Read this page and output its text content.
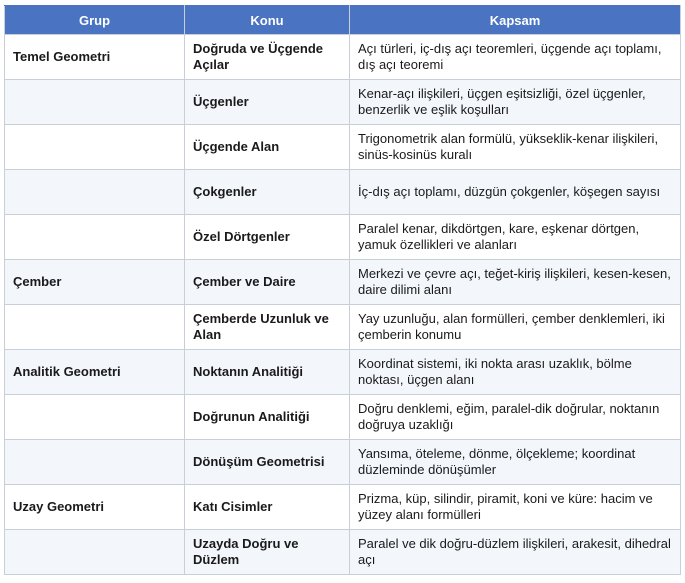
Grup	Konu	Kapsam
Temel Geometri	Doğruda ve Üçgende Açılar	Açı türleri, iç-dış açı teoremleri, üçgende açı toplamı, dış açı teoremi
	Üçgenler	Kenar-açı ilişkileri, üçgen eşitsizliği, özel üçgenler, benzerlik ve eşlik koşulları
	Üçgende Alan	Trigonometrik alan formülü, yükseklik-kenar ilişkileri, sinüs-kosinüs kuralı
	Çokgenler	İç-dış açı toplamı, düzgün çokgenler, köşegen sayısı
	Özel Dörtgenler	Paralel kenar, dikdörtgen, kare, eşkenar dörtgen, yamuk özellikleri ve alanları
Çember	Çember ve Daire	Merkezi ve çevre açı, teğet-kiriş ilişkileri, kesen-kesen, daire dilimi alanı
	Çemberde Uzunluk ve Alan	Yay uzunluğu, alan formülleri, çember denklemleri, iki çemberin konumu
Analitik Geometri	Noktanın Analitiği	Koordinat sistemi, iki nokta arası uzaklık, bölme noktası, üçgen alanı
	Doğrunun Analitiği	Doğru denklemi, eğim, paralel-dik doğrular, noktanın doğruya uzaklığı
	Dönüşüm Geometrisi	Yansıma, öteleme, dönme, ölçekleme; koordinat düzleminde dönüşümler
Uzay Geometri	Katı Cisimler	Prizma, küp, silindir, piramit, koni ve küre: hacim ve yüzey alanı formülleri
	Uzayda Doğru ve Düzlem	Paralel ve dik doğru-düzlem ilişkileri, arakesit, dihedral açı
